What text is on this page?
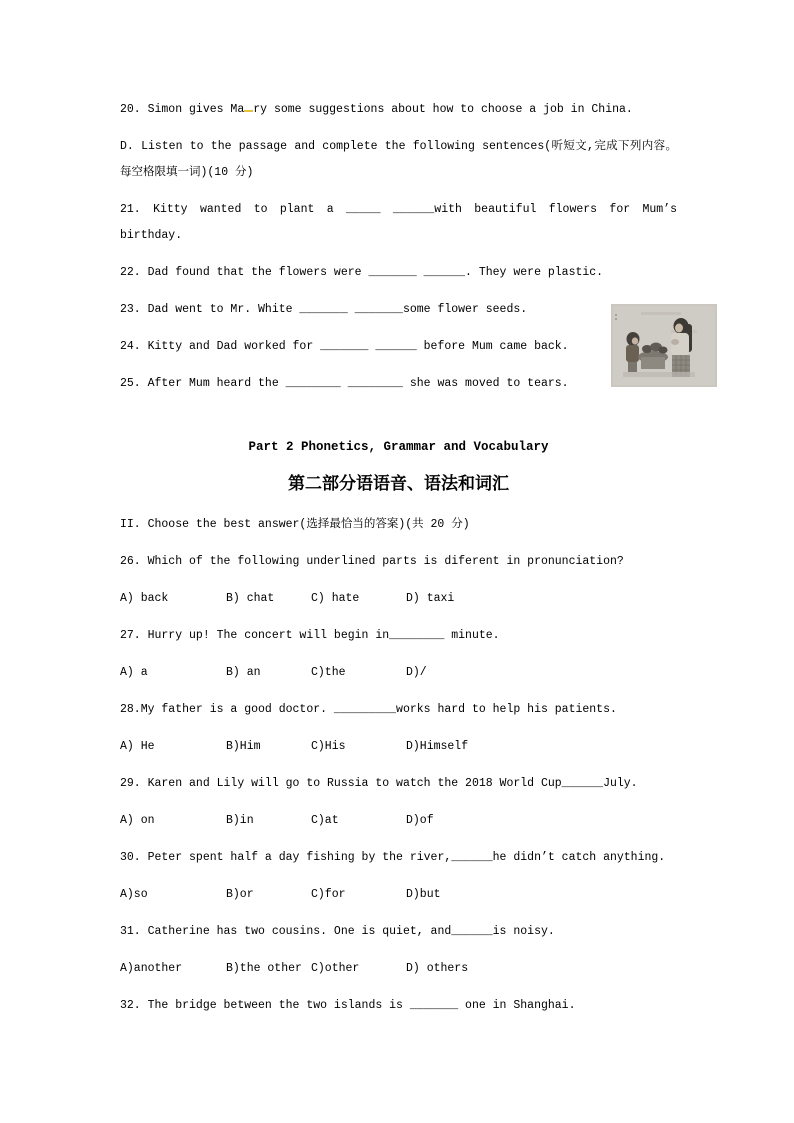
20. Simon gives Ma ry some suggestions about how to choose a job in China.

D. Listen to the passage and complete the following sentences(听短文,完成下列内容。每空格限填一词)(10 分)

21. Kitty wanted to plant a _____ ______with beautiful flowers for Mum’s birthday.

22. Dad found that the flowers were _______ ______. They were plastic.

23. Dad went to Mr. White _______ _______some flower seeds.

24. Kitty and Dad worked for _______ ______ before Mum came back.

25. After Mum heard the ________ ________ she was moved to tears.

Part 2 Phonetics, Grammar and Vocabulary
第二部分语语音、语法和词汇

II. Choose the best answer(选择最恰当的答案)(共 20 分)

26. Which of the following underlined parts is diferent in pronunciation?

A) back	B) chat	C) hate	D) taxi

27. Hurry up! The concert will begin in________ minute.

A) a	B) an	C)the	D)/

28.My father is a good doctor. _________works hard to help his patients.

A) He	B)Him	C)His	D)Himself

29. Karen and Lily will go to Russia to watch the 2018 World Cup______July.

A) on	B)in	C)at	D)of

30. Peter spent half a day fishing by the river,______he didn’t catch anything.

A)so	B)or	C)for	D)but

31. Catherine has two cousins. One is quiet, and______is noisy.

A)another	B)the other C)other	D) others

32. The bridge between the two islands is _______ one in Shanghai.
